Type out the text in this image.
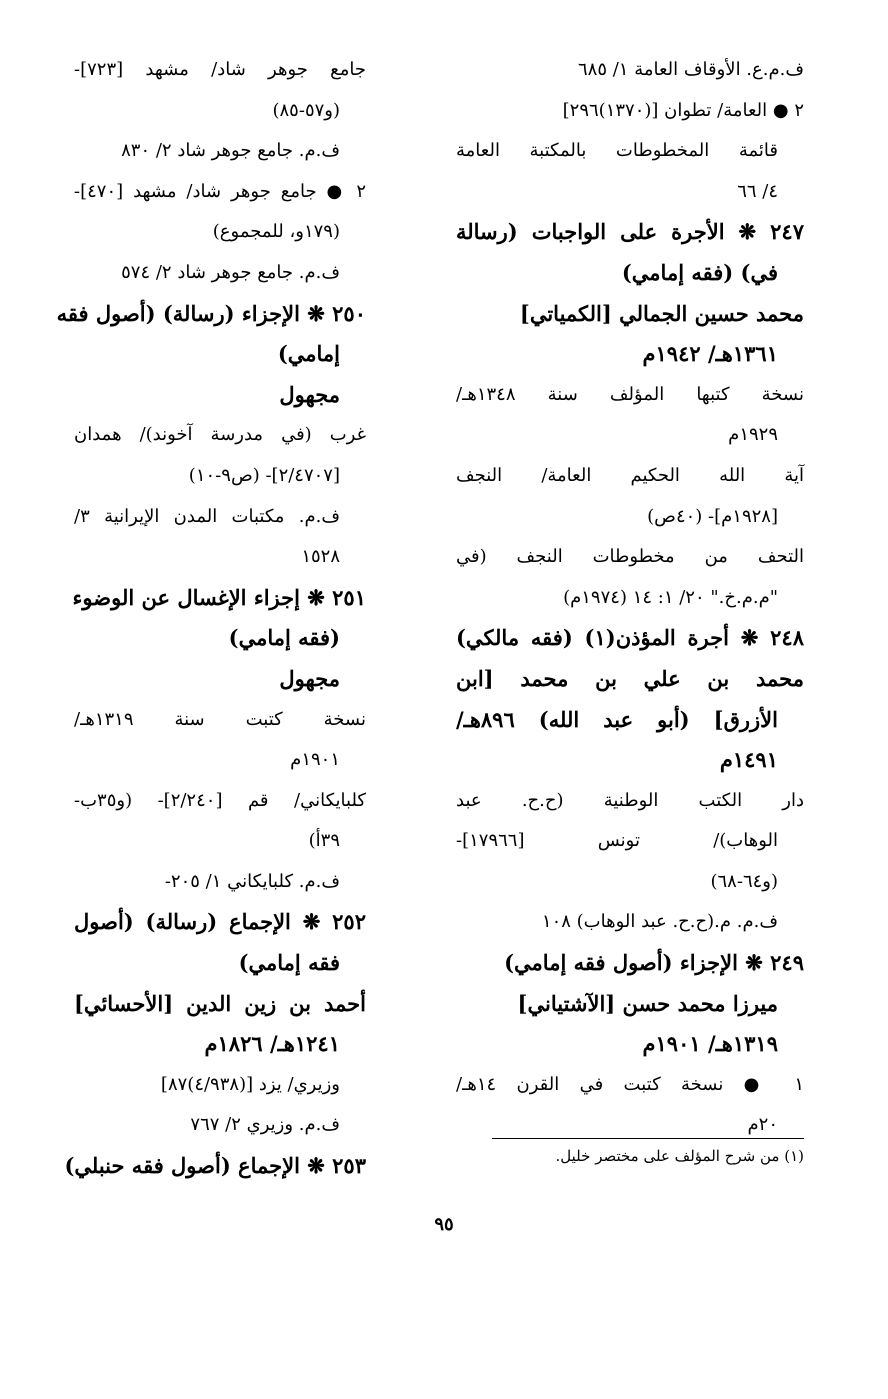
ف.م.ع. الأوقاف العامة ١/ ٦٨٥
٢ ● العامة/ تطوان [(١٣٧٠)٢٩٦]
قائمة المخطوطات بالمكتبة العامة
٤/ ٦٦
٢٤٧ ❋ الأجرة على الواجبات (رسالة
في) (فقه إمامي)
محمد حسين الجمالي [الكمياتي]
١٣٦١هـ/ ١٩٤٢م
نسخة كتبها المؤلف سنة ١٣٤٨هـ/
١٩٢٩م
آية الله الحكيم العامة/ النجف
[١٩٢٨م]- (٤٠ص)
التحف من مخطوطات النجف (في
"م.م.خ." ٢٠/ ١: ١٤ (١٩٧٤م)
٢٤٨ ❋ أجرة المؤذن(١) (فقه مالكي)
محمد بن علي بن محمد [ابن
الأزرق] (أبو عبد الله) ٨٩٦هـ/
١٤٩١م
دار الكتب الوطنية (ح.ح. عبد
الوهاب)/ تونس [١٧٩٦٦]-
(و٦٤-٦٨)
ف.م. م.(ح.ح. عبد الوهاب) ١٠٨
٢٤٩ ❋ الإجزاء (أصول فقه إمامي)
ميرزا محمد حسن [الآشتياني]
١٣١٩هـ/ ١٩٠١م
١ ● نسخة كتبت في القرن ١٤هـ/
٢٠م
جامع جوهر شاد/ مشهد [٧٢٣]-
(و٥٧-٨٥)
ف.م. جامع جوهر شاد ٢/ ٨٣٠
٢ ● جامع جوهر شاد/ مشهد [٤٧٠]-
(١٧٩و، للمجموع)
ف.م. جامع جوهر شاد ٢/ ٥٧٤
٢٥٠ ❋ الإجزاء (رسالة) (أصول فقه
إمامي)
مجهول
غرب (في مدرسة آخوند)/ همدان
[٢/٤٧٠٧]- (ص٩-١٠)
ف.م. مكتبات المدن الإيرانية ٣/
١٥٢٨
٢٥١ ❋ إجزاء الإغسال عن الوضوء
(فقه إمامي)
مجهول
نسخة كتبت سنة ١٣١٩هـ/
١٩٠١م
كلبايكاني/ قم [٢/٢٤٠]- (و٣٥ب-
٣٩أ)
ف.م. كلبايكاني ١/ ٢٠٥-
٢٥٢ ❋ الإجماع (رسالة) (أصول
فقه إمامي)
أحمد بن زين الدين [الأحسائي]
١٢٤١هـ/ ١٨٢٦م
وزيري/ يزد [(٤/٩٣٨)٨٧]
ف.م. وزيري ٢/ ٧٦٧
٢٥٣ ❋ الإجماع (أصول فقه حنبلي)	(١) من شرح المؤلف على مختصر خليل.
٩٥
